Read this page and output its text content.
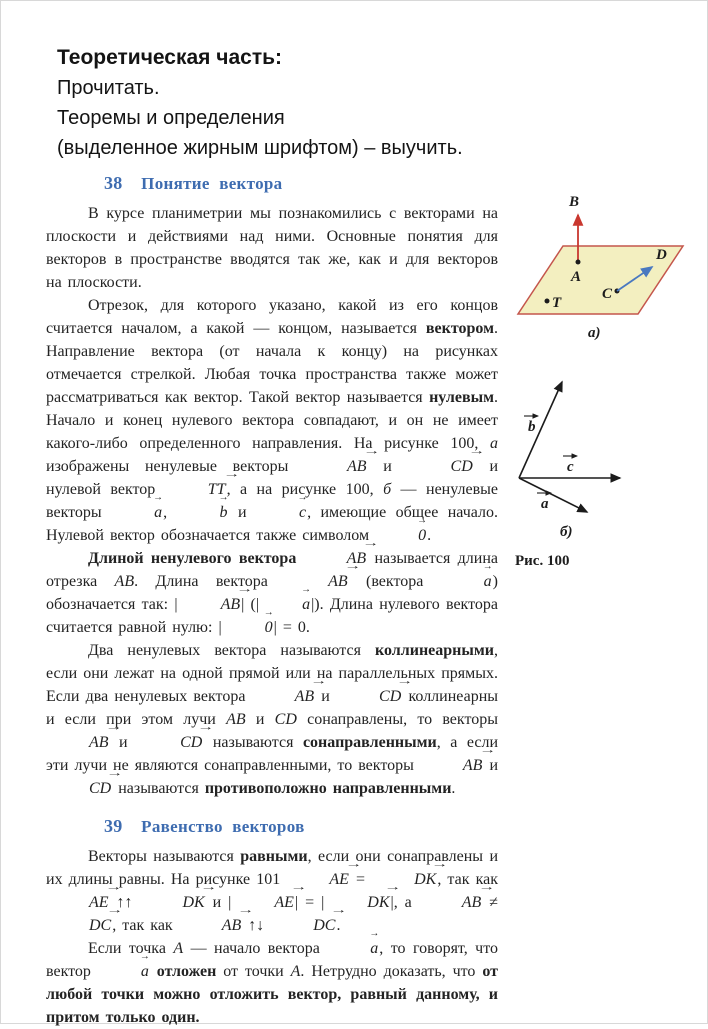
Теоретическая часть:
Прочитать.
Теоремы и определения
(выделенное жирным шрифтом) – выучить.
38 Понятие вектора

В курсе планиметрии мы познакомились с векторами на плоскости и действиями над ними. Основные понятия для векторов в пространстве вводятся так же, как и для векторов на плоскости.

Отрезок, для которого указано, какой из его концов считается началом, а какой — концом, называется вектором. Направление вектора (от начала к концу) на рисунках отмечается стрелкой. Любая точка пространства также может рассматриваться как вектор. Такой вектор называется нулевым. Начало и конец нулевого вектора совпадают, и он не имеет какого-либо определенного направления. На рисунке 100, а изображены ненулевые векторы	→ AB и	→ CD и нулевой вектор	→ TT, а на рисунке 100, б — ненулевые векторы	→ a,	→ b и	→ c, имеющие общее начало. Нулевой вектор обозначается также символом	→ 0.

Длиной ненулевого вектора	→ AB называется длина отрезка AB. Длина вектора	→ AB (вектора	→ a) обозначается так: |	→ AB| (|	→ a|). Длина нулевого вектора считается равной нулю: |	→ 0| = 0.

Два ненулевых вектора называются коллинеарными, если они лежат на одной прямой или на параллельных прямых. Если два ненулевых вектора	→ AB и	→ CD коллинеарны и если при этом лучи AB и CD сонаправлены, то векторы → AB и	→ CD называются сонаправленными, а если эти лучи не являются сонаправленными, то векторы	→ AB и → CD называются противоположно направленными.

39 Равенство векторов

Векторы называются равными, если они сонаправлены и их длины равны. На рисунке 101	→ AE =	→ DK, так как → AE ↑↑	→ DK и |	→ AE| = |	→ DK|, а	→ AB ≠ → DC, так как	→ AB ↑↓	→ DC.

Если точка A — начало вектора	→ a, то говорят, что вектор	→ a отложен от точки A. Нетрудно доказать, что от любой точки можно отложить вектор, равный данному, и притом только один.

B
A
T
C
D
а)
b
c
a
б)
Рис. 100
